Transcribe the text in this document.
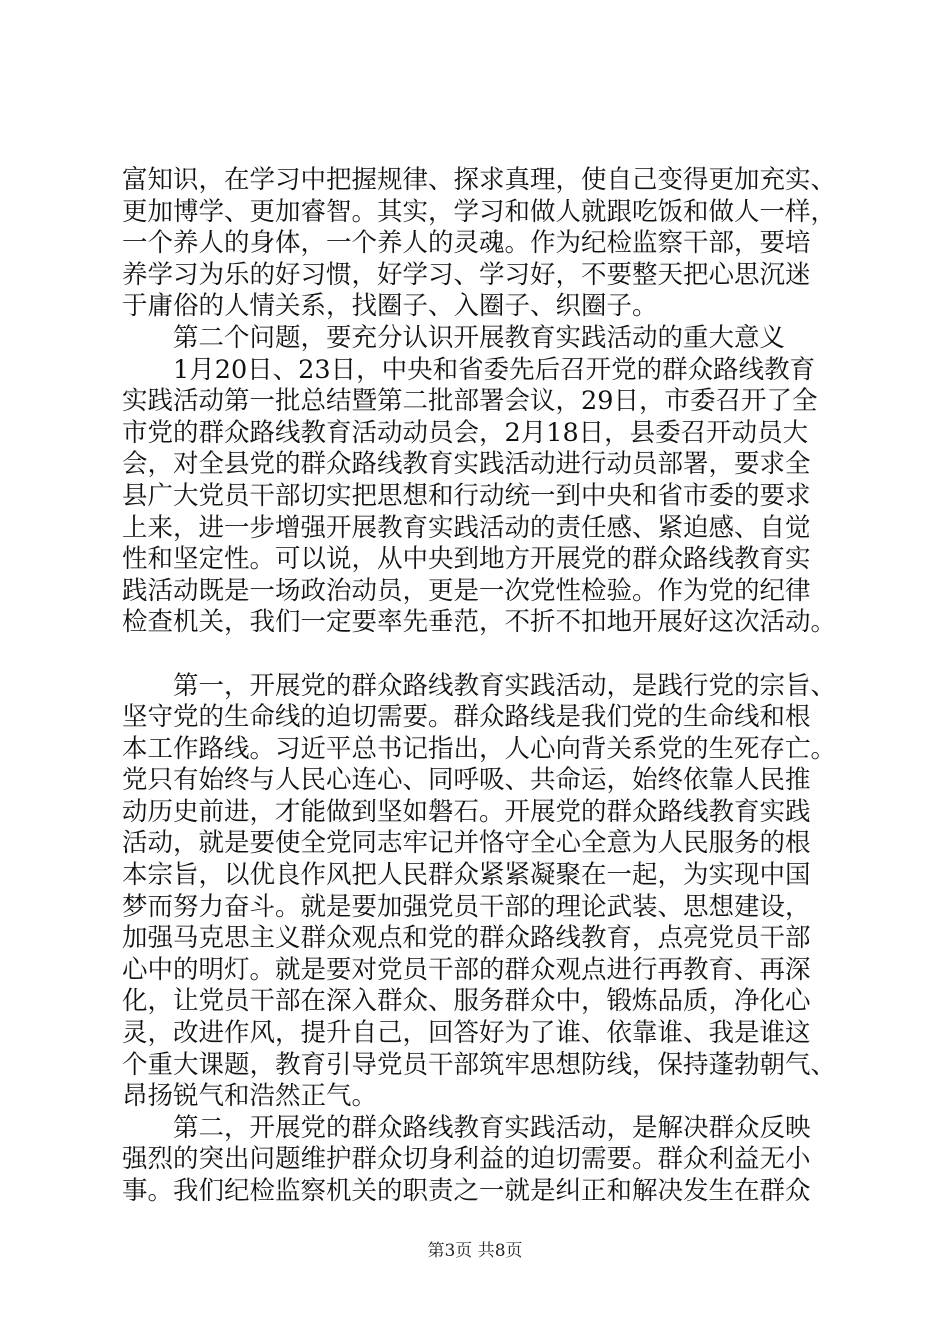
富知识，在学习中把握规律、探求真理，使自己变得更加充实、
更加博学、更加睿智。其实，学习和做人就跟吃饭和做人一样，
一个养人的身体，一个养人的灵魂。作为纪检监察干部，要培
养学习为乐的好习惯，好学习、学习好，不要整天把心思沉迷
于庸俗的人情关系，找圈子、入圈子、织圈子。
　　第二个问题，要充分认识开展教育实践活动的重大意义
　　1月20日、23日，中央和省委先后召开党的群众路线教育
实践活动第一批总结暨第二批部署会议，29日，市委召开了全
市党的群众路线教育活动动员会，2月18日，县委召开动员大
会，对全县党的群众路线教育实践活动进行动员部署，要求全
县广大党员干部切实把思想和行动统一到中央和省市委的要求
上来，进一步增强开展教育实践活动的责任感、紧迫感、自觉
性和坚定性。可以说，从中央到地方开展党的群众路线教育实
践活动既是一场政治动员，更是一次党性检验。作为党的纪律
检查机关，我们一定要率先垂范，不折不扣地开展好这次活动。
　　第一，开展党的群众路线教育实践活动，是践行党的宗旨、
坚守党的生命线的迫切需要。群众路线是我们党的生命线和根
本工作路线。习近平总书记指出，人心向背关系党的生死存亡。
党只有始终与人民心连心、同呼吸、共命运，始终依靠人民推
动历史前进，才能做到坚如磐石。开展党的群众路线教育实践
活动，就是要使全党同志牢记并恪守全心全意为人民服务的根
本宗旨，以优良作风把人民群众紧紧凝聚在一起，为实现中国
梦而努力奋斗。就是要加强党员干部的理论武装、思想建设，
加强马克思主义群众观点和党的群众路线教育，点亮党员干部
心中的明灯。就是要对党员干部的群众观点进行再教育、再深
化，让党员干部在深入群众、服务群众中，锻炼品质，净化心
灵，改进作风，提升自己，回答好为了谁、依靠谁、我是谁这
个重大课题，教育引导党员干部筑牢思想防线，保持蓬勃朝气、
昂扬锐气和浩然正气。
　　第二，开展党的群众路线教育实践活动，是解决群众反映
强烈的突出问题维护群众切身利益的迫切需要。群众利益无小
事。我们纪检监察机关的职责之一就是纠正和解决发生在群众
第3页 共8页
